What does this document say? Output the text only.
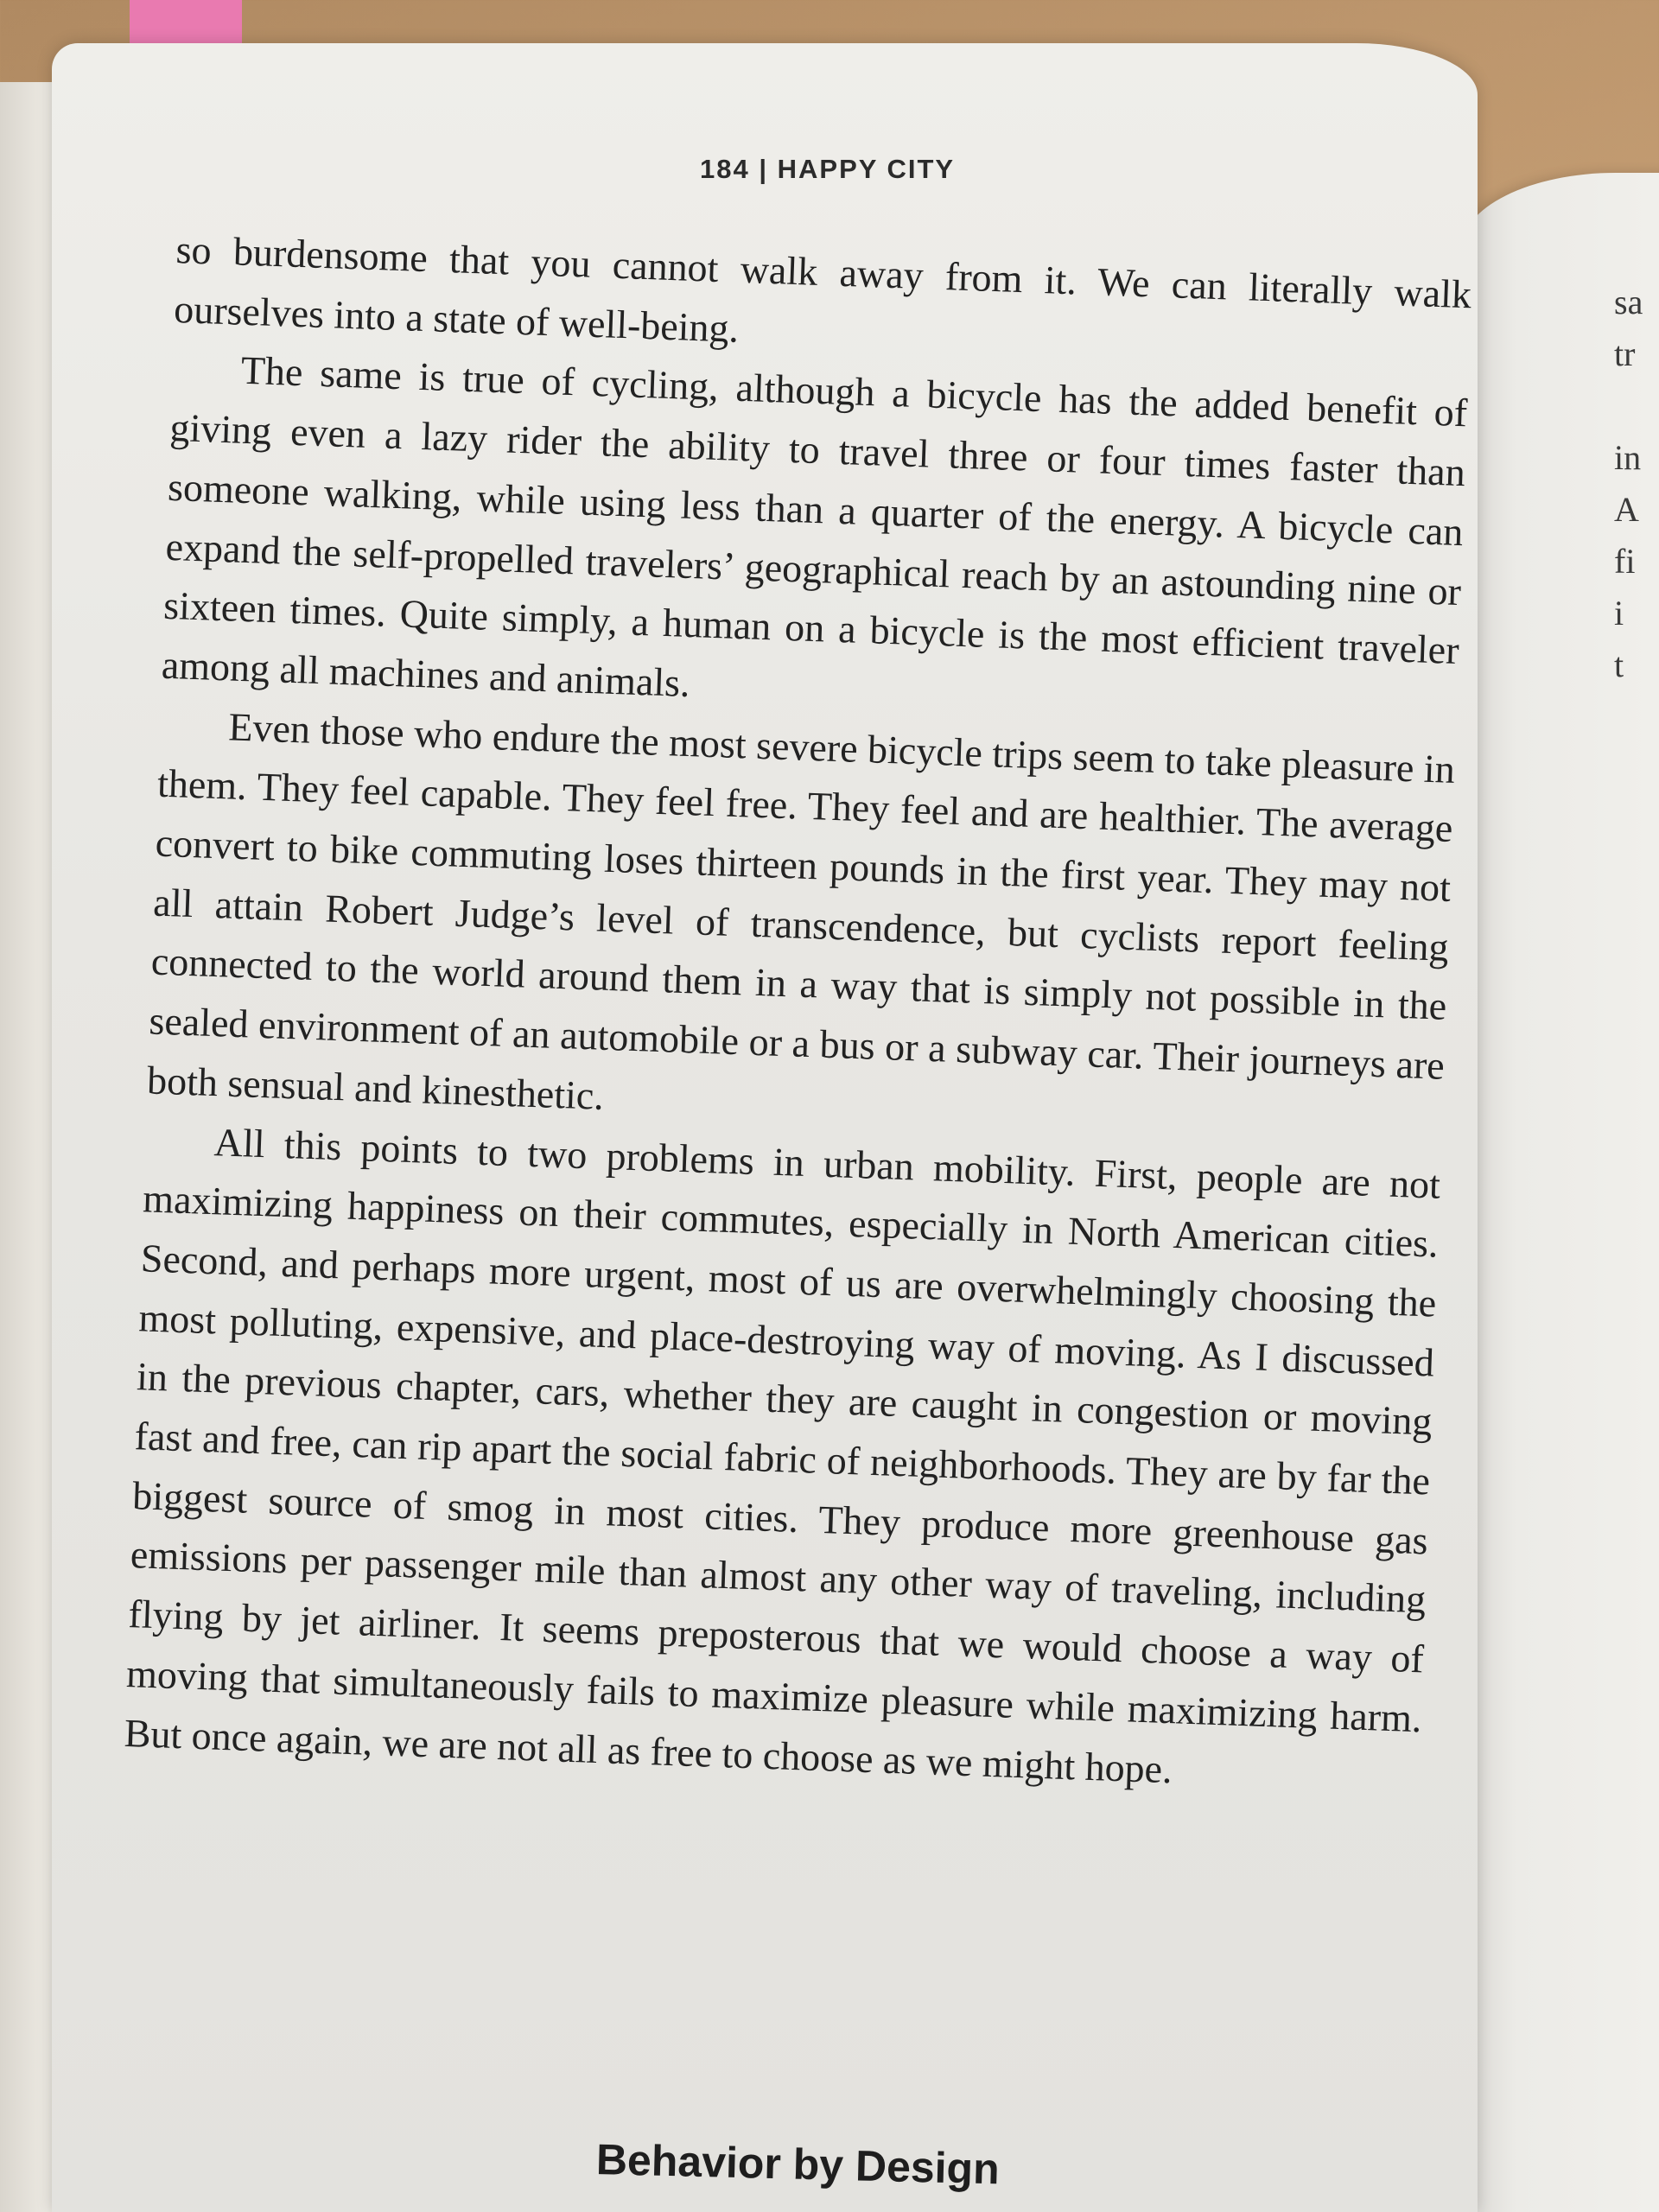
sa
tr

in
A
fi
i
t
184 | HAPPY CITY

so burdensome that you cannot walk away from it. We can literally walk ourselves into a state of well-being.

The same is true of cycling, although a bicycle has the added benefit of giving even a lazy rider the ability to travel three or four times faster than someone walking, while using less than a quarter of the energy. A bicycle can expand the self-propelled travelers’ geographical reach by an astounding nine or sixteen times. Quite simply, a human on a bicycle is the most efficient traveler among all machines and animals.

Even those who endure the most severe bicycle trips seem to take pleasure in them. They feel capable. They feel free. They feel and are healthier. The average convert to bike commuting loses thirteen pounds in the first year. They may not all attain Robert Judge’s level of transcendence, but cyclists report feeling connected to the world around them in a way that is simply not possible in the sealed environment of an automobile or a bus or a subway car. Their journeys are both sensual and kinesthetic.

All this points to two problems in urban mobility. First, people are not maximizing happiness on their commutes, especially in North American cities. Second, and perhaps more urgent, most of us are overwhelmingly choosing the most polluting, expensive, and place-destroying way of moving. As I discussed in the previous chapter, cars, whether they are caught in congestion or moving fast and free, can rip apart the social fabric of neighborhoods. They are by far the biggest source of smog in most cities. They produce more greenhouse gas emissions per passenger mile than almost any other way of traveling, including flying by jet airliner. It seems preposterous that we would choose a way of moving that simultaneously fails to maximize pleasure while maximizing harm. But once again, we are not all as free to choose as we might hope.

Behavior by Design
